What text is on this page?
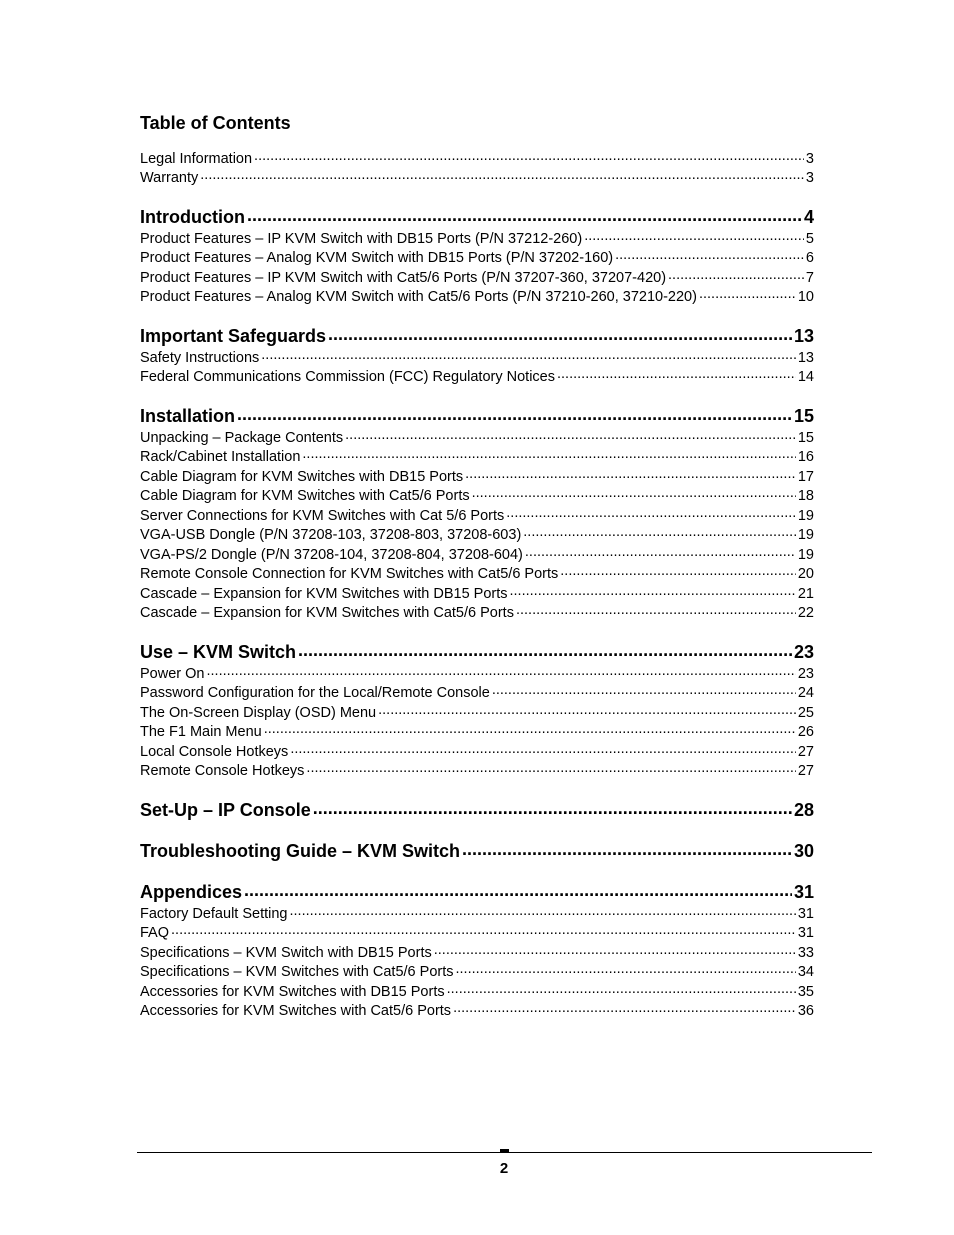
Table of Contents
Legal Information .....	3
Warranty .....	3
Introduction .....	4
Product Features – IP KVM Switch with DB15 Ports (P/N 37212-260) .....	5
Product Features – Analog KVM Switch with DB15 Ports (P/N 37202-160) .....	6
Product Features – IP KVM Switch with Cat5/6 Ports (P/N 37207-360, 37207-420) .....	7
Product Features – Analog KVM Switch with Cat5/6 Ports (P/N 37210-260, 37210-220) .....	10
Important Safeguards .....	13
Safety Instructions .....	13
Federal Communications Commission (FCC) Regulatory Notices .....	14
Installation .....	15
Unpacking – Package Contents .....	15
Rack/Cabinet Installation .....	16
Cable Diagram for KVM Switches with DB15 Ports .....	17
Cable Diagram for KVM Switches with Cat5/6 Ports .....	18
Server Connections for KVM Switches with Cat 5/6 Ports .....	19
VGA-USB Dongle (P/N 37208-103, 37208-803, 37208-603) .....	19
VGA-PS/2 Dongle (P/N 37208-104, 37208-804, 37208-604) .....	19
Remote Console Connection for KVM Switches with Cat5/6 Ports .....	20
Cascade – Expansion for KVM Switches with DB15 Ports .....	21
Cascade – Expansion for KVM Switches with Cat5/6 Ports .....	22
Use – KVM Switch .....	23
Power On .....	23
Password Configuration for the Local/Remote Console .....	24
The On-Screen Display (OSD) Menu .....	25
The F1 Main Menu .....	26
Local Console Hotkeys .....	27
Remote Console Hotkeys .....	27
Set-Up – IP Console .....	28
Troubleshooting Guide – KVM Switch .....	30
Appendices .....	31
Factory Default Setting .....	31
FAQ .....	31
Specifications – KVM Switch with DB15 Ports .....	33
Specifications – KVM Switches with Cat5/6 Ports .....	34
Accessories for KVM Switches with DB15 Ports .....	35
Accessories for KVM Switches with Cat5/6 Ports .....	36
2
